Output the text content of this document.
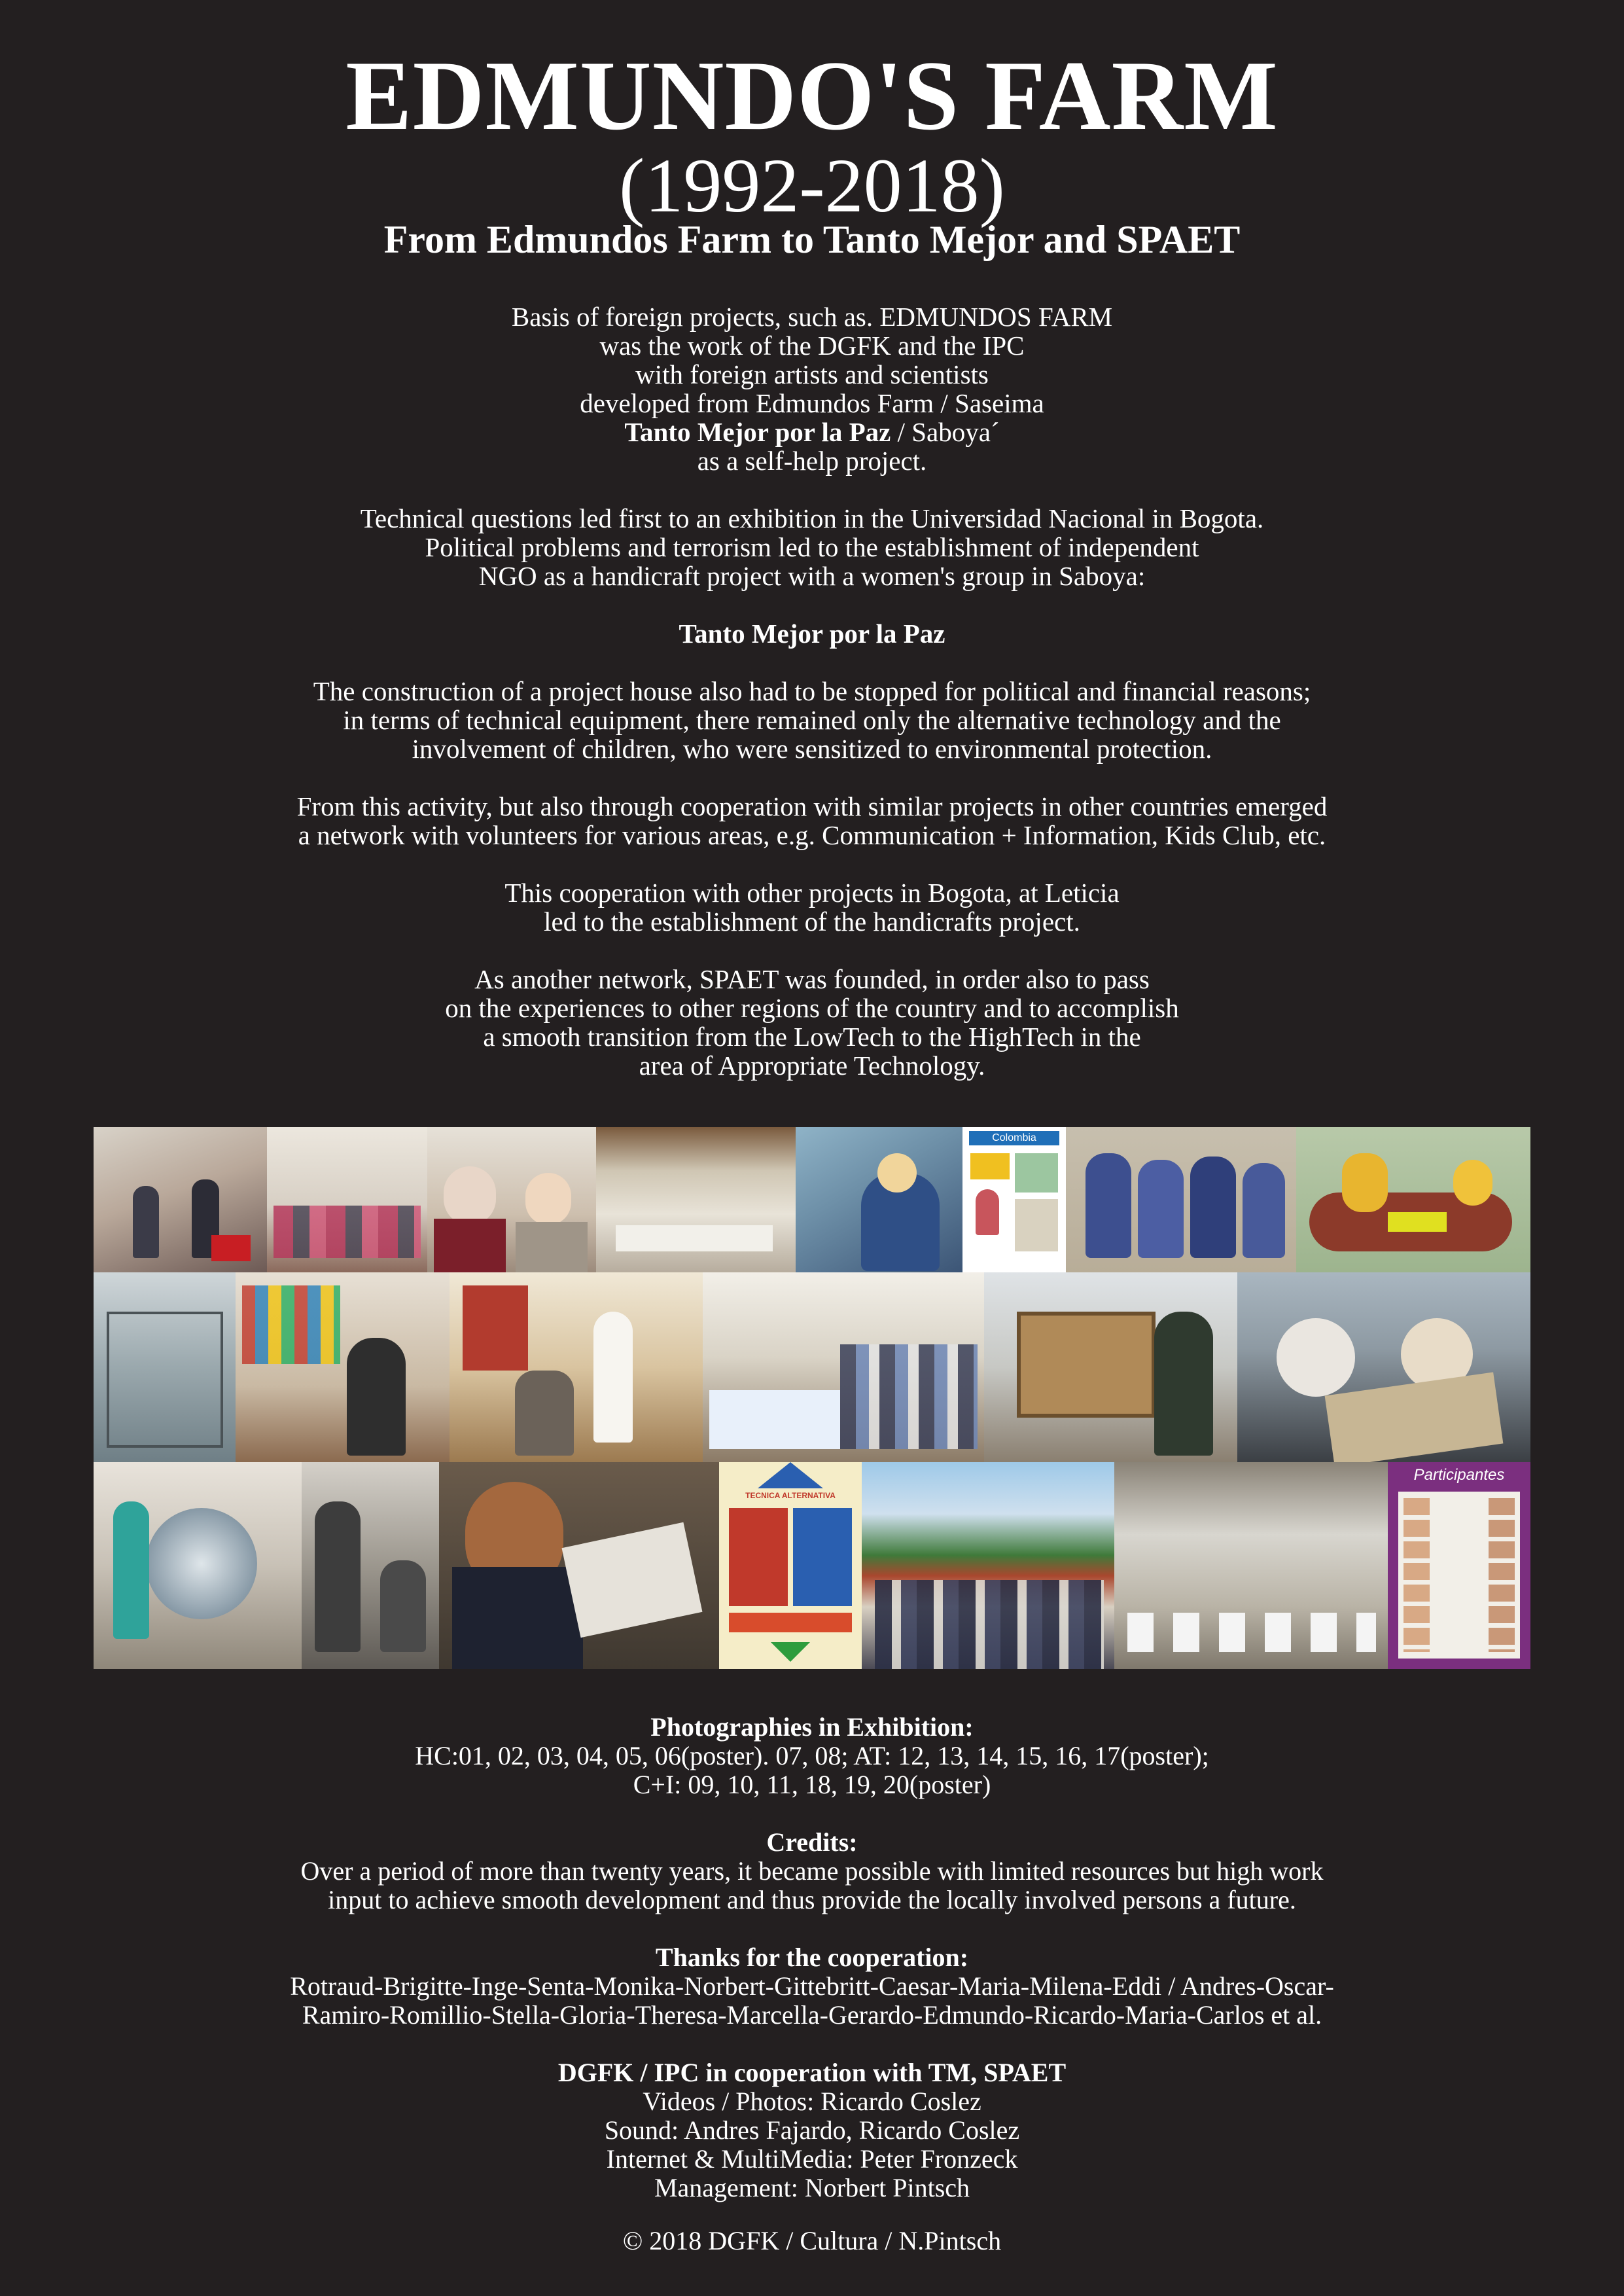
EDMUNDO'S FARM
(1992-2018)
From Edmundos Farm to Tanto Mejor and SPAET

Basis of foreign projects, such as. EDMUNDOS FARM
was the work of the DGFK and the IPC
with foreign artists and scientists
developed from Edmundos Farm / Saseima
Tanto Mejor por la Paz / Saboya´
as a self-help project.

Technical questions led first to an exhibition in the Universidad Nacional in Bogota.
Political problems and terrorism led to the establishment of independent
NGO as a handicraft project with a women's group in Saboya:

Tanto Mejor por la Paz

The construction of a project house also had to be stopped for political and financial reasons;
in terms of technical equipment, there remained only the alternative technology and the
involvement of children, who were sensitized to environmental protection.

From this activity, but also through cooperation with similar projects in other countries emerged
a network with volunteers for various areas, e.g. Communication + Information, Kids Club, etc.

This cooperation with other projects in Bogota, at Leticia
led to the establishment of the handicrafts project.

As another network, SPAET was founded, in order also to pass
on the experiences to other regions of the country and to accomplish
a smooth transition from the LowTech to the HighTech in the
area of Appropriate Technology.

Colombia
TECNICA ALTERNATIVA
Participantes

Photographies in Exhibition:
HC:01, 02, 03, 04, 05, 06(poster). 07, 08; AT: 12, 13, 14, 15, 16, 17(poster);
C+I: 09, 10, 11, 18, 19, 20(poster)

Credits:
Over a period of more than twenty years, it became possible with limited resources but high work
input to achieve smooth development and thus provide the locally involved persons a future.

Thanks for the cooperation:
Rotraud-Brigitte-Inge-Senta-Monika-Norbert-Gittebritt-Caesar-Maria-Milena-Eddi / Andres-Oscar-
Ramiro-Romillio-Stella-Gloria-Theresa-Marcella-Gerardo-Edmundo-Ricardo-Maria-Carlos et al.

DGFK / IPC in cooperation with TM, SPAET
Videos / Photos: Ricardo Coslez
Sound: Andres Fajardo, Ricardo Coslez
Internet & MultiMedia: Peter Fronzeck
Management: Norbert Pintsch

© 2018 DGFK / Cultura / N.Pintsch
